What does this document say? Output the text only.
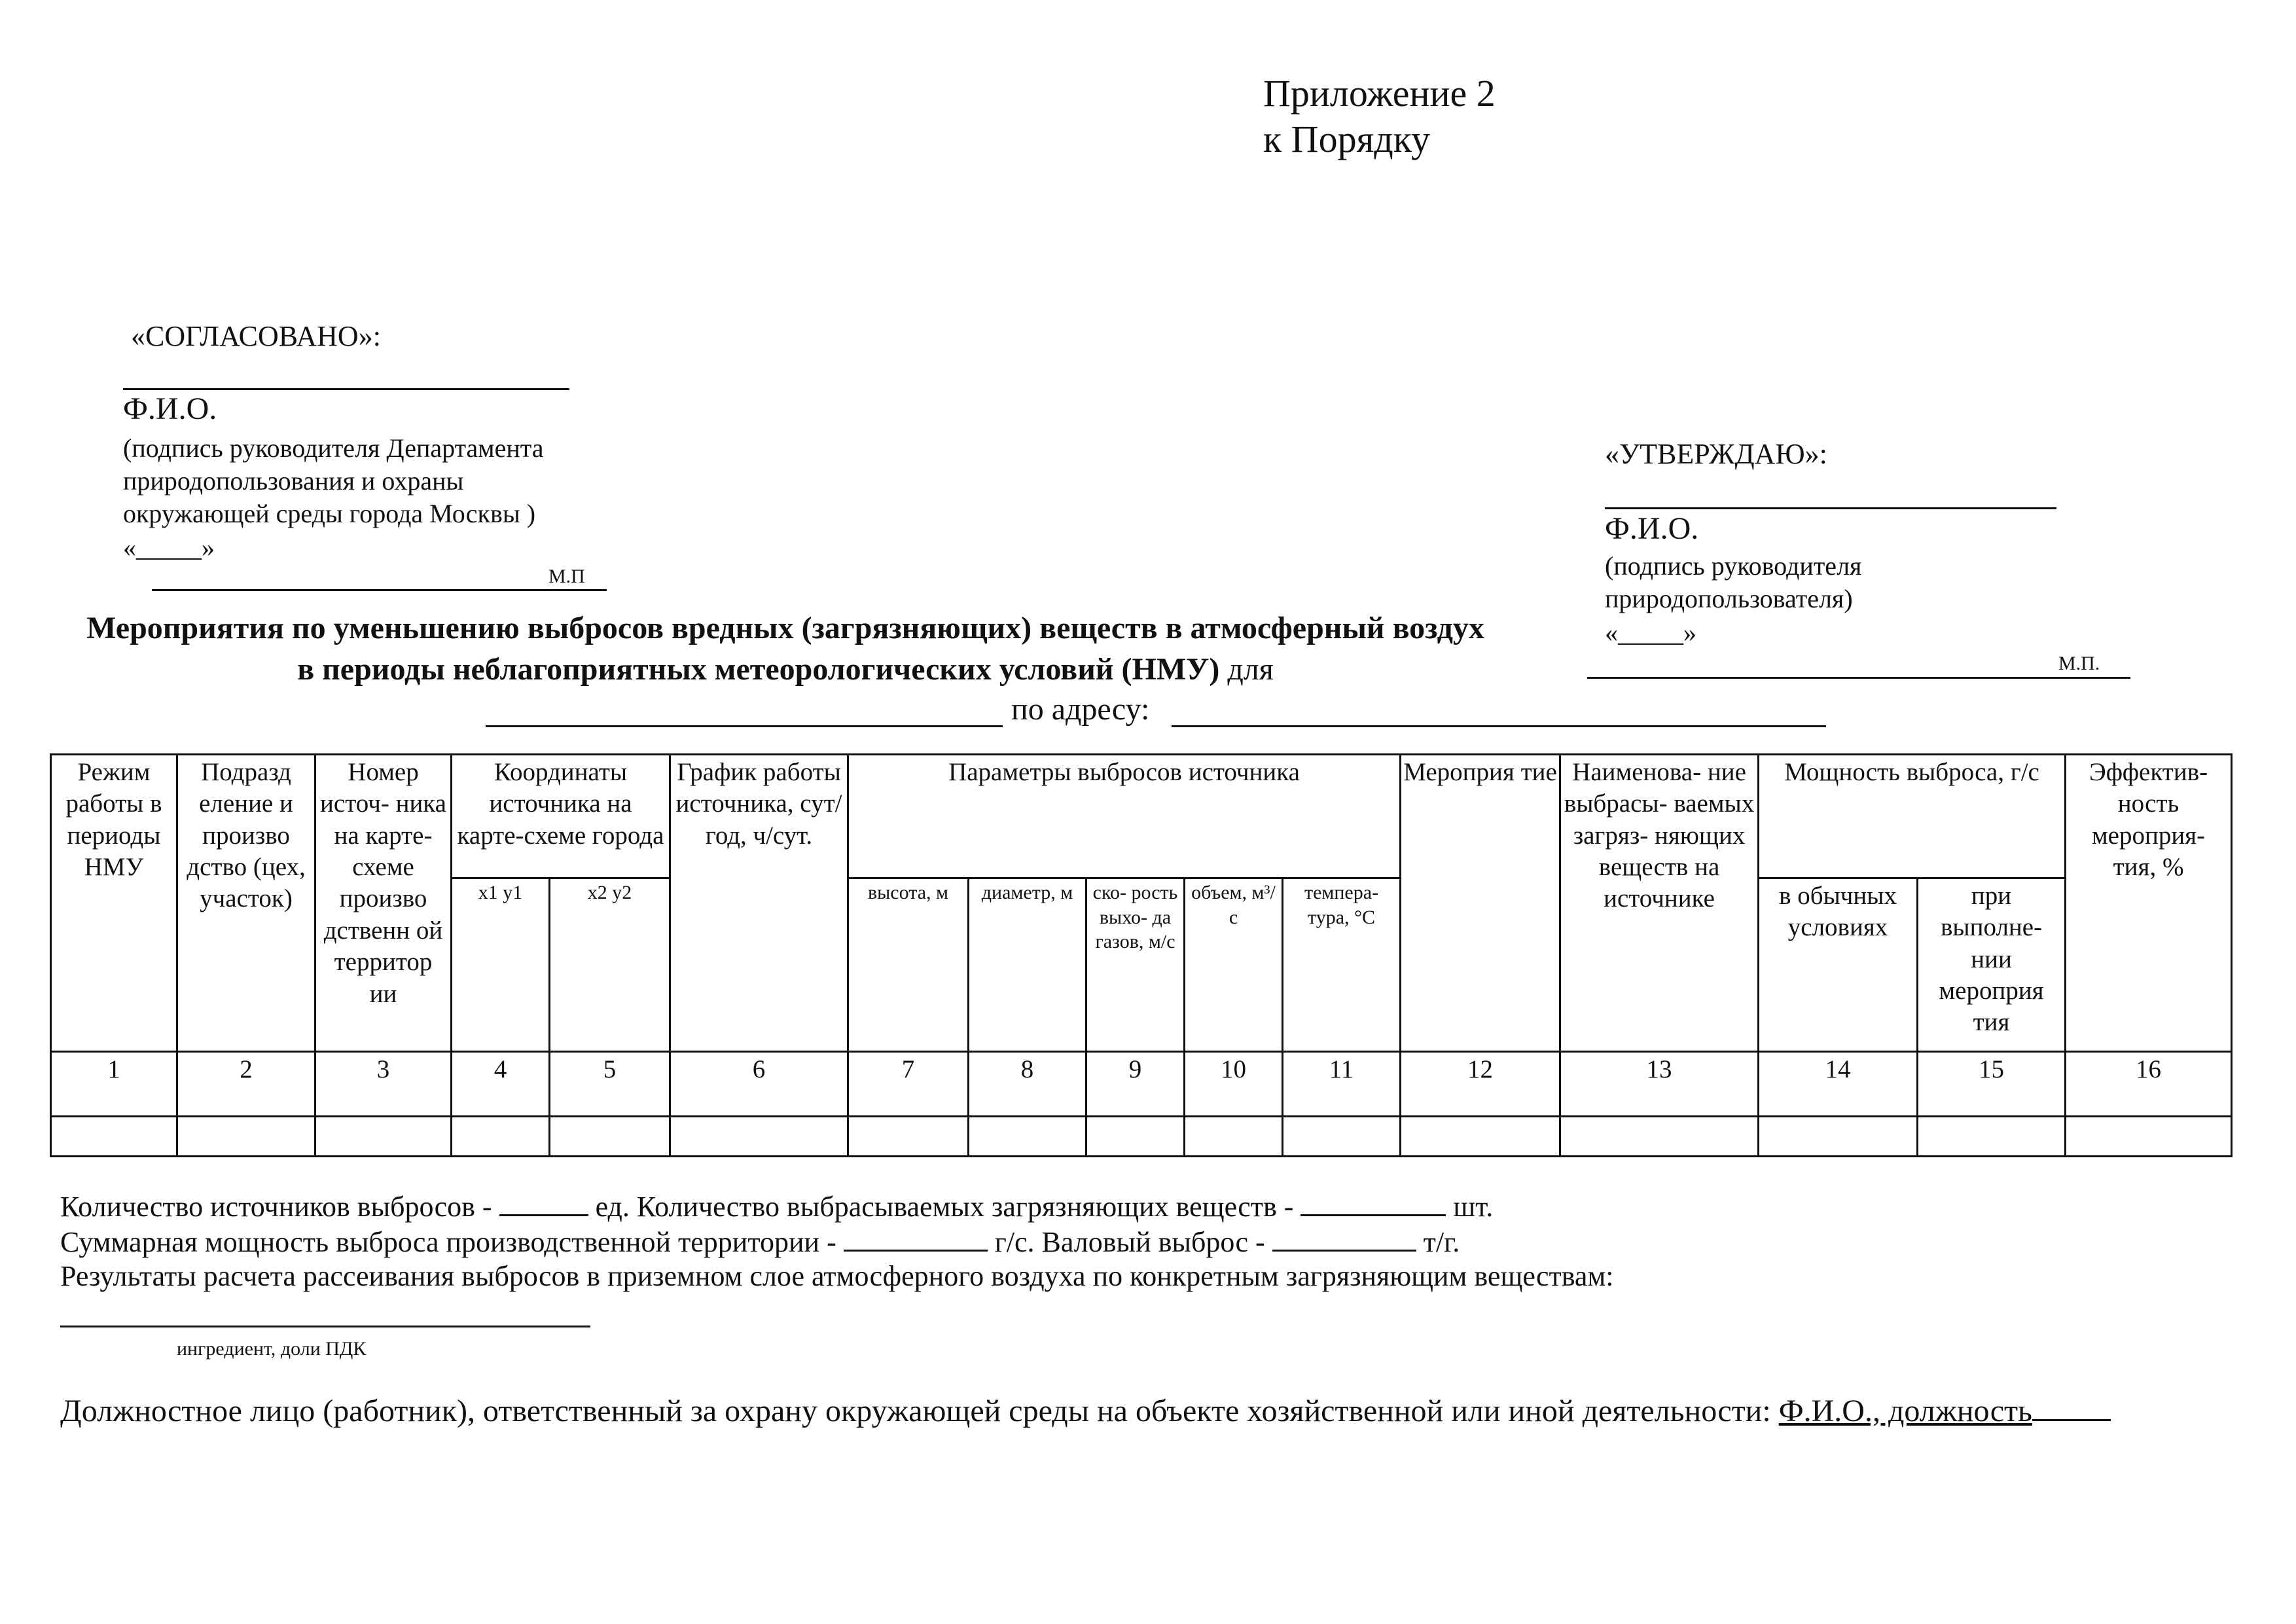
Приложение 2
к Порядку
«СОГЛАСОВАНО»:
Ф.И.О.
(подпись руководителя Департамента
природопользования и охраны
окружающей среды города Москвы )
«_____»
М.П
«УТВЕРЖДАЮ»:
Ф.И.О.
(подпись руководителя
природопользователя)
«_____»
М.П.
Мероприятия по уменьшению выбросов вредных (загрязняющих) веществ в атмосферный воздух
в периоды неблагоприятных метеорологических условий (НМУ) для
по адресу:
Режим работы в периоды НМУ	Подразд еление и произво дство (цех, участок)	Номер источ- ника на карте- схеме произво дственн ой территор ии	Координаты источника на карте-схеме города		График работы источника, сут/год, ч/сут.	Параметры выбросов источника					Мероприя тие	Наименова- ние выбрасы- ваемых загряз- няющих веществ на источнике	Мощность выброса, г/с		Эффектив- ность мероприя- тия, %
			x1 y1	x2 y2		высота, м	диаметр, м	ско- рость выхо- да газов, м/с	объем, м³/с	темпера- тура, °С					
													в обычных условиях	при выполне- нии мероприя тия	
1	2	3	4	5	6	7	8	9	10	11	12	13	14	15	16

Количество источников выбросов -	ед. Количество выбрасываемых загрязняющих веществ -	шт.
Суммарная мощность выброса производственной территории -	г/с. Валовый выброс -	т/г.
Результаты расчета рассеивания выбросов в приземном слое атмосферного воздуха по конкретным загрязняющим веществам:
ингредиент, доли ПДК
Должностное лицо (работник), ответственный за охрану окружающей среды на объекте хозяйственной или иной деятельности: Ф.И.О., должность
